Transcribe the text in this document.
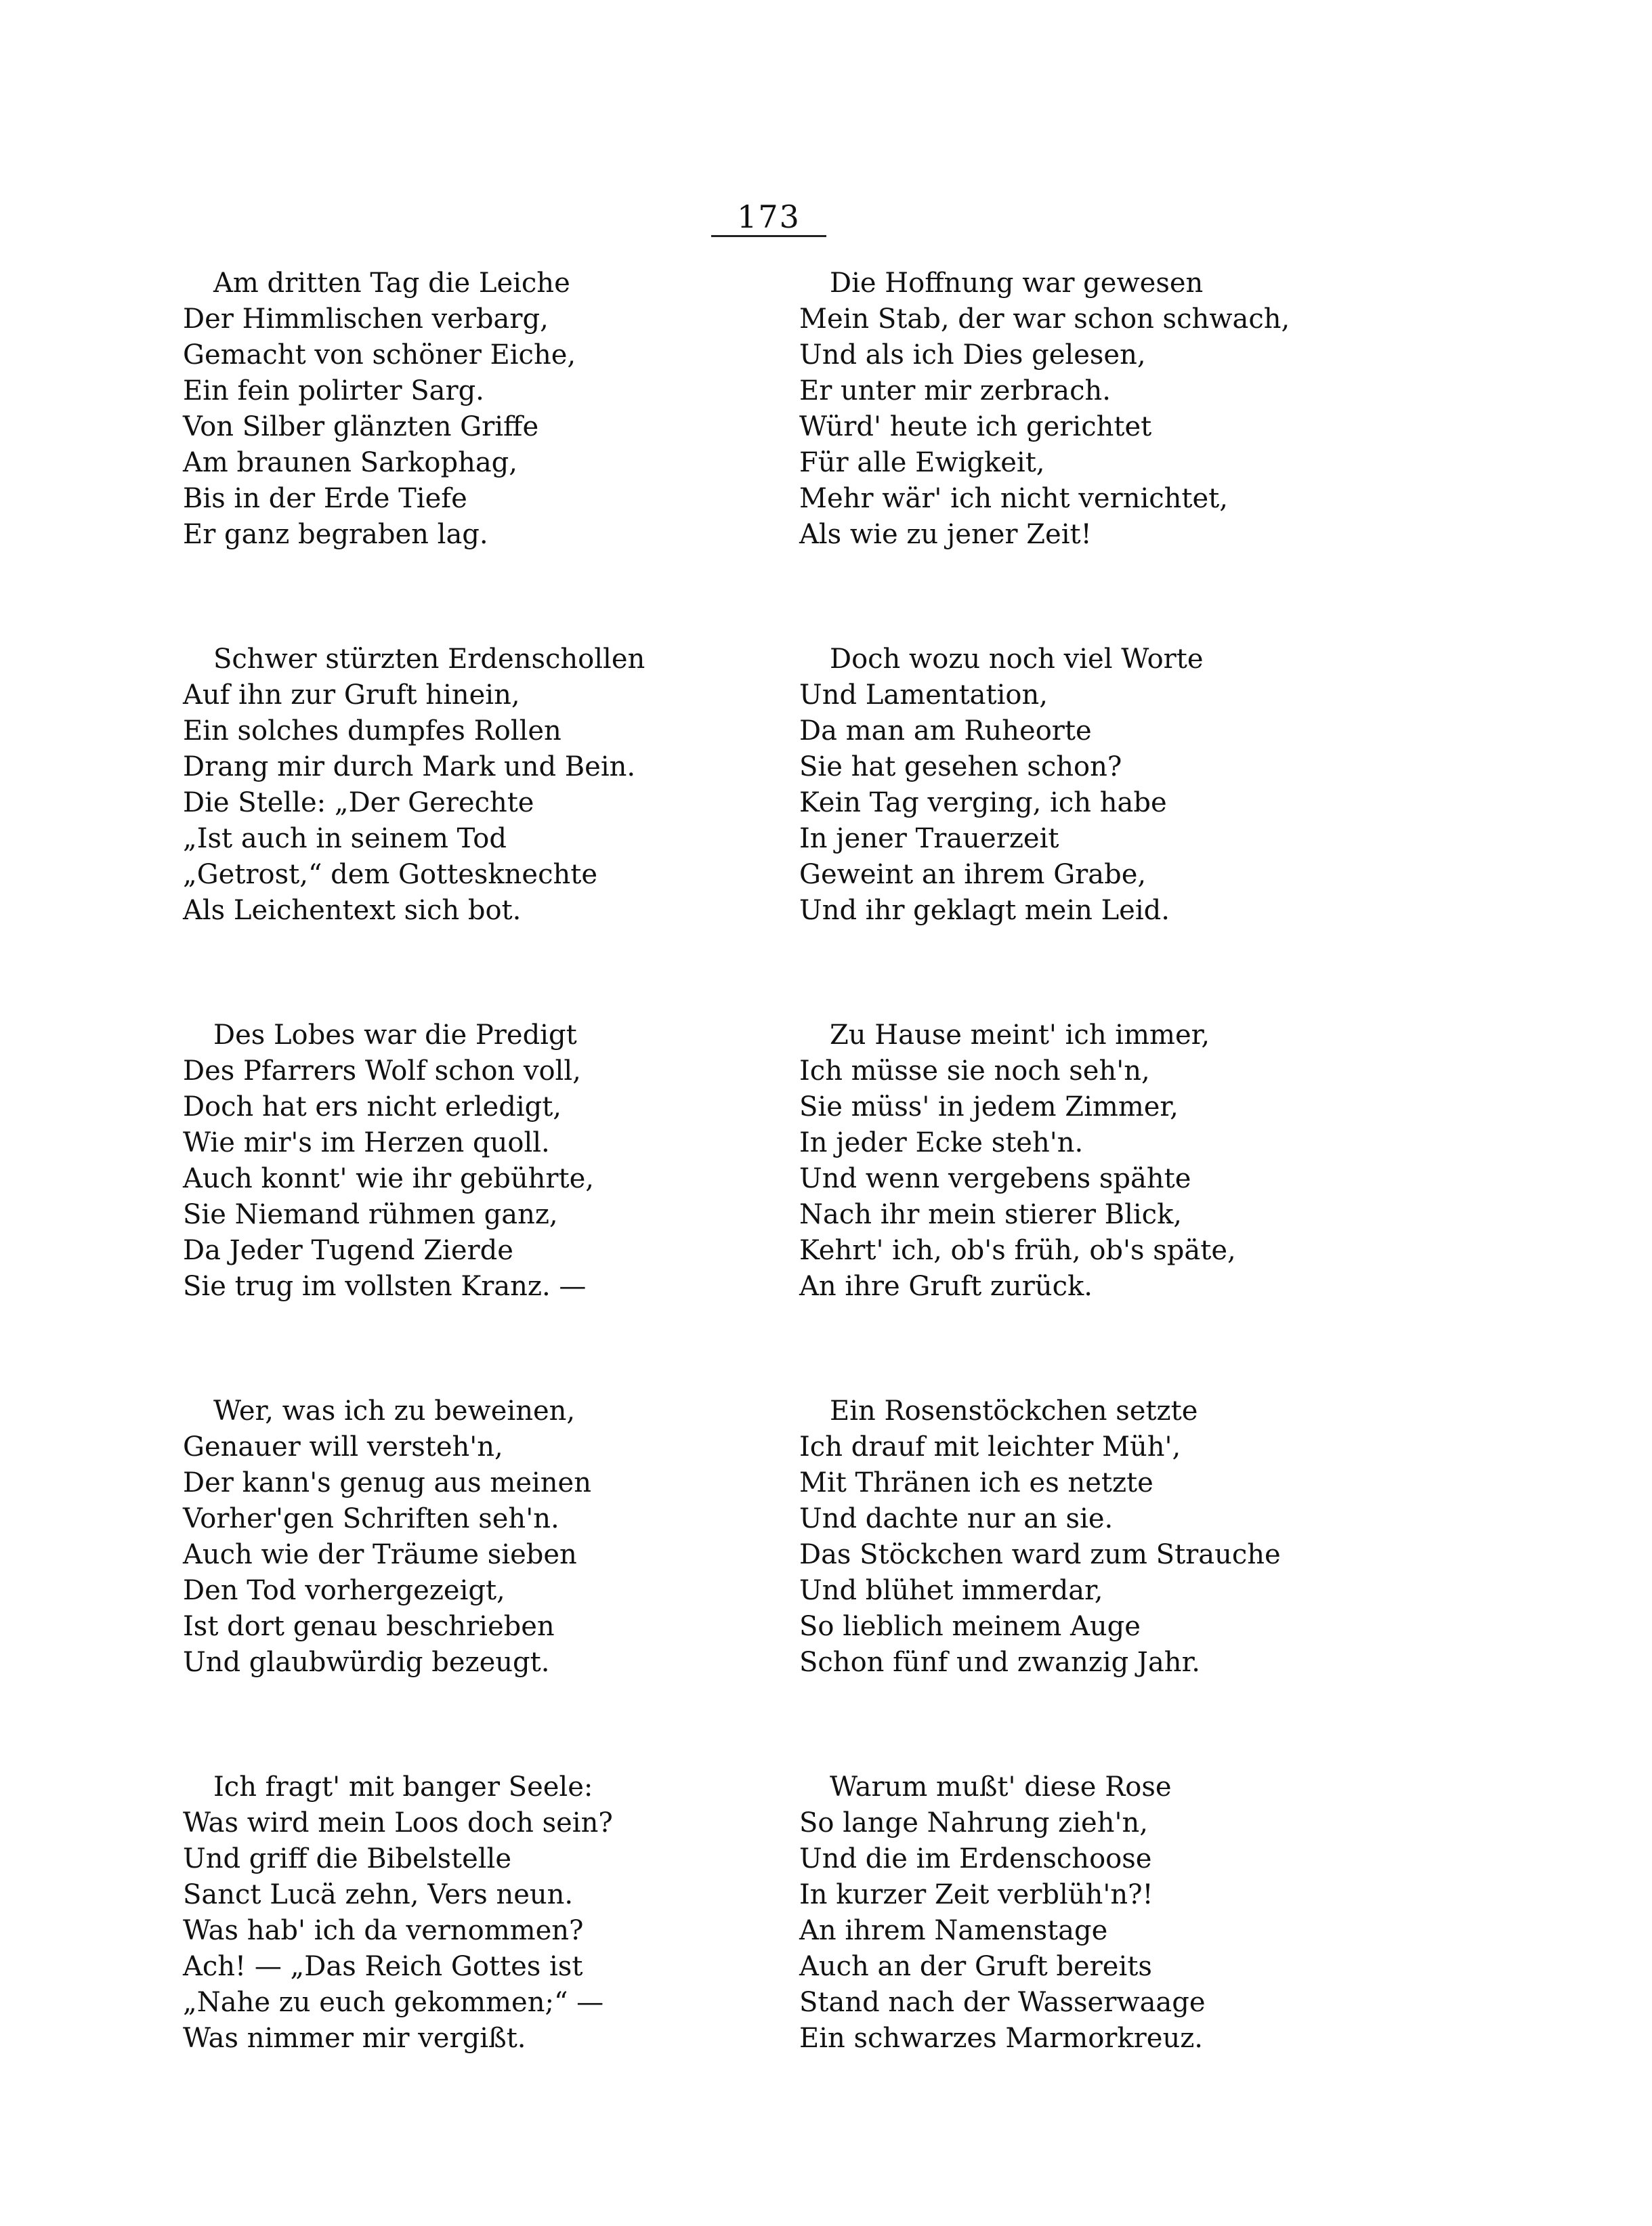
173
Am dritten Tag die Leiche
Der Himmlischen verbarg,
Gemacht von schöner Eiche,
Ein fein polirter Sarg.
Von Silber glänzten Griffe
Am braunen Sarkophag,
Bis in der Erde Tiefe
Er ganz begraben lag.
Schwer stürzten Erdenschollen
Auf ihn zur Gruft hinein,
Ein solches dumpfes Rollen
Drang mir durch Mark und Bein.
Die Stelle: „Der Gerechte
„Ist auch in seinem Tod
„Getrost,“ dem Gottesknechte
Als Leichentext sich bot.
Des Lobes war die Predigt
Des Pfarrers Wolf schon voll,
Doch hat ers nicht erledigt,
Wie mir's im Herzen quoll.
Auch konnt' wie ihr gebührte,
Sie Niemand rühmen ganz,
Da Jeder Tugend Zierde
Sie trug im vollsten Kranz. —
Wer, was ich zu beweinen,
Genauer will versteh'n,
Der kann's genug aus meinen
Vorher'gen Schriften seh'n.
Auch wie der Träume sieben
Den Tod vorhergezeigt,
Ist dort genau beschrieben
Und glaubwürdig bezeugt.
Ich fragt' mit banger Seele:
Was wird mein Loos doch sein?
Und griff die Bibelstelle
Sanct Lucä zehn, Vers neun.
Was hab' ich da vernommen?
Ach! — „Das Reich Gottes ist
„Nahe zu euch gekommen;“ —
Was nimmer mir vergißt.
Die Hoffnung war gewesen
Mein Stab, der war schon schwach,
Und als ich Dies gelesen,
Er unter mir zerbrach.
Würd' heute ich gerichtet
Für alle Ewigkeit,
Mehr wär' ich nicht vernichtet,
Als wie zu jener Zeit!
Doch wozu noch viel Worte
Und Lamentation,
Da man am Ruheorte
Sie hat gesehen schon?
Kein Tag verging, ich habe
In jener Trauerzeit
Geweint an ihrem Grabe,
Und ihr geklagt mein Leid.
Zu Hause meint' ich immer,
Ich müsse sie noch seh'n,
Sie müss' in jedem Zimmer,
In jeder Ecke steh'n.
Und wenn vergebens spähte
Nach ihr mein stierer Blick,
Kehrt' ich, ob's früh, ob's späte,
An ihre Gruft zurück.
Ein Rosenstöckchen setzte
Ich drauf mit leichter Müh',
Mit Thränen ich es netzte
Und dachte nur an sie.
Das Stöckchen ward zum Strauche
Und blühet immerdar,
So lieblich meinem Auge
Schon fünf und zwanzig Jahr.
Warum mußt' diese Rose
So lange Nahrung zieh'n,
Und die im Erdenschoose
In kurzer Zeit verblüh'n?!
An ihrem Namenstage
Auch an der Gruft bereits
Stand nach der Wasserwaage
Ein schwarzes Marmorkreuz.
